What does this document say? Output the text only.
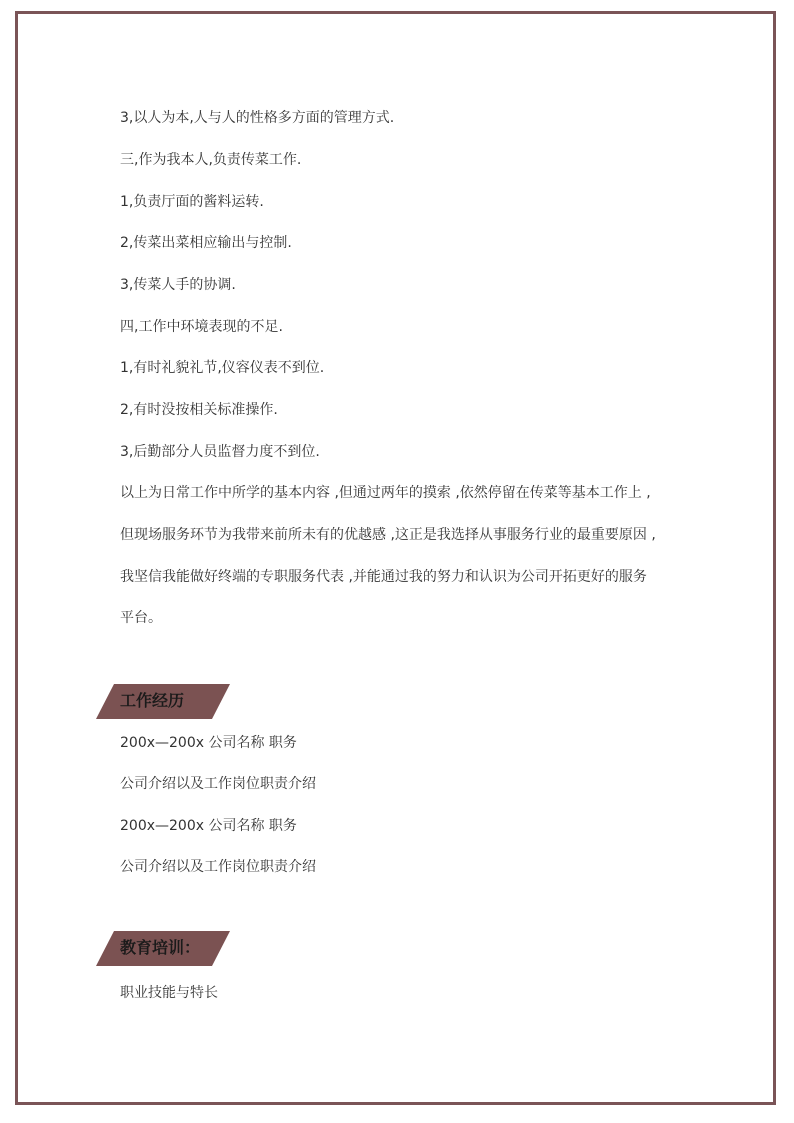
3,以人为本,人与人的性格多方面的管理方式.
三,作为我本人,负责传菜工作.
1,负责厅面的酱料运转.
2,传菜出菜相应输出与控制.
3,传菜人手的协调.
四,工作中环境表现的不足.
1,有时礼貌礼节,仪容仪表不到位.
2,有时没按相关标准操作.
3,后勤部分人员监督力度不到位.
以上为日常工作中所学的基本内容 ,但通过两年的摸索 ,依然停留在传菜等基本工作上 ,
但现场服务环节为我带来前所未有的优越感 ,这正是我选择从事服务行业的最重要原因 ,
我坚信我能做好终端的专职服务代表 ,并能通过我的努力和认识为公司开拓更好的服务
平台。
工作经历
200x—200x 公司名称 职务
公司介绍以及工作岗位职责介绍
200x—200x 公司名称 职务
公司介绍以及工作岗位职责介绍
教育培训：
职业技能与特长
